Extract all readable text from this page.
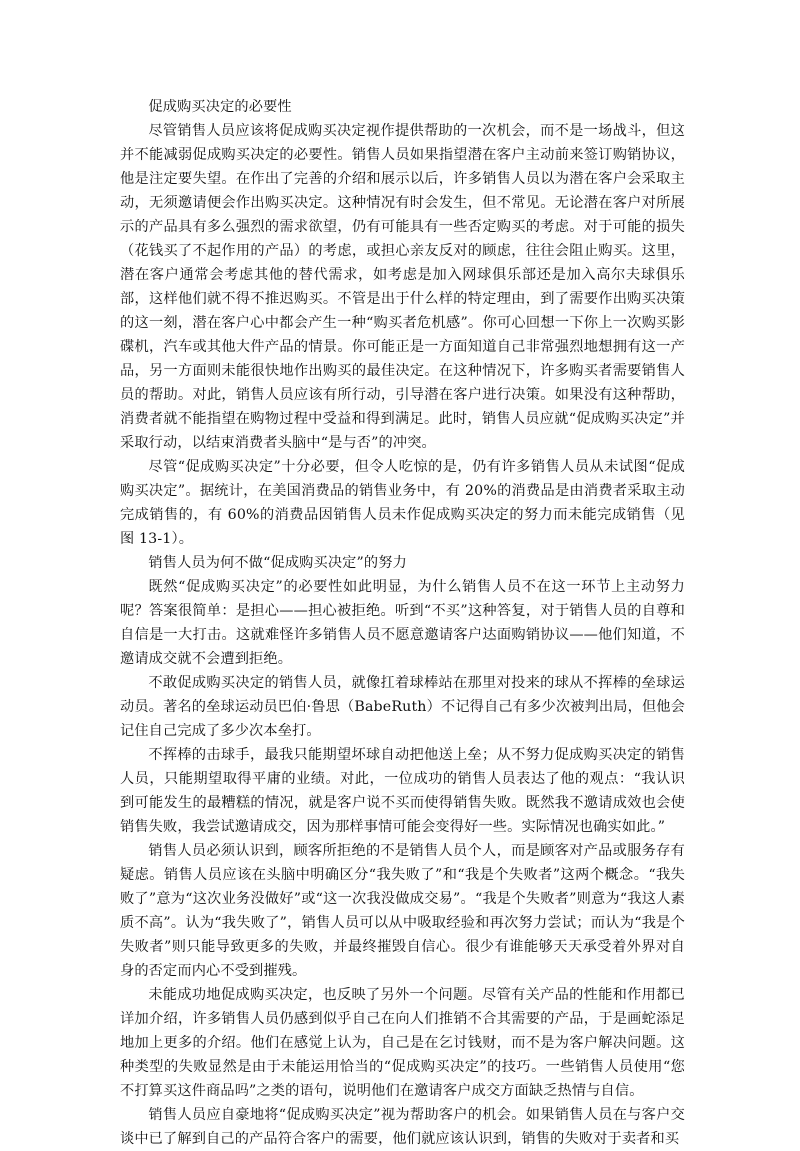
促成购买决定的必要性

尽管销售人员应该将促成购买决定视作提供帮助的一次机会，而不是一场战斗，但这并不能减弱促成购买决定的必要性。销售人员如果指望潜在客户主动前来签订购销协议，他是注定要失望。在作出了完善的介绍和展示以后，许多销售人员以为潜在客户会采取主动，无须邀请便会作出购买决定。这种情况有时会发生，但不常见。无论潜在客户对所展示的产品具有多么强烈的需求欲望，仍有可能具有一些否定购买的考虑。对于可能的损失（花钱买了不起作用的产品）的考虑，或担心亲友反对的顾虑，往往会阻止购买。这里，潜在客户通常会考虑其他的替代需求，如考虑是加入网球俱乐部还是加入高尔夫球俱乐部，这样他们就不得不推迟购买。不管是出于什么样的特定理由，到了需要作出购买决策的这一刻，潜在客户心中都会产生一种“购买者危机感”。你可心回想一下你上一次购买影碟机，汽车或其他大件产品的情景。你可能正是一方面知道自己非常强烈地想拥有这一产品，另一方面则未能很快地作出购买的最佳决定。在这种情况下，许多购买者需要销售人员的帮助。对此，销售人员应该有所行动，引导潜在客户进行决策。如果没有这种帮助，消费者就不能指望在购物过程中受益和得到满足。此时，销售人员应就“促成购买决定”并采取行动，以结束消费者头脑中“是与否”的冲突。

尽管“促成购买决定”十分必要，但令人吃惊的是，仍有许多销售人员从未试图“促成购买决定”。据统计，在美国消费品的销售业务中，有 20%的消费品是由消费者采取主动完成销售的，有 60%的消费品因销售人员未作促成购买决定的努力而未能完成销售（见图 13-1）。

销售人员为何不做“促成购买决定”的努力

既然“促成购买决定”的必要性如此明显，为什么销售人员不在这一环节上主动努力呢？答案很简单：是担心——担心被拒绝。听到“不买”这种答复，对于销售人员的自尊和自信是一大打击。这就难怪许多销售人员不愿意邀请客户达面购销协议——他们知道，不邀请成交就不会遭到拒绝。

不敢促成购买决定的销售人员，就像扛着球棒站在那里对投来的球从不挥棒的垒球运动员。著名的垒球运动员巴伯·鲁思（BabeRuth）不记得自己有多少次被判出局，但他会记住自己完成了多少次本垒打。

不挥棒的击球手，最我只能期望坏球自动把他送上垒；从不努力促成购买决定的销售人员，只能期望取得平庸的业绩。对此，一位成功的销售人员表达了他的观点：“我认识到可能发生的最糟糕的情况，就是客户说不买而使得销售失败。既然我不邀请成效也会使销售失败，我尝试邀请成交，因为那样事情可能会变得好一些。实际情况也确实如此。”

销售人员必须认识到，顾客所拒绝的不是销售人员个人，而是顾客对产品或服务存有疑虑。销售人员应该在头脑中明确区分“我失败了”和“我是个失败者”这两个概念。“我失败了”意为“这次业务没做好”或“这一次我没做成交易”。“我是个失败者”则意为“我这人素质不高”。认为“我失败了”，销售人员可以从中吸取经验和再次努力尝试；而认为“我是个失败者”则只能导致更多的失败，并最终摧毁自信心。很少有谁能够天天承受着外界对自身的否定而内心不受到摧残。

未能成功地促成购买决定，也反映了另外一个问题。尽管有关产品的性能和作用都已详加介绍，许多销售人员仍感到似乎自己在向人们推销不合其需要的产品，于是画蛇添足地加上更多的介绍。他们在感觉上认为，自己是在乞讨钱财，而不是为客户解决问题。这种类型的失败显然是由于未能运用恰当的“促成购买决定”的技巧。一些销售人员使用“您不打算买这件商品吗”之类的语句，说明他们在邀请客户成交方面缺乏热情与自信。

销售人员应自豪地将“促成购买决定”视为帮助客户的机会。如果销售人员在与客户交谈中已了解到自己的产品符合客户的需要，他们就应该认识到，销售的失败对于卖者和买
